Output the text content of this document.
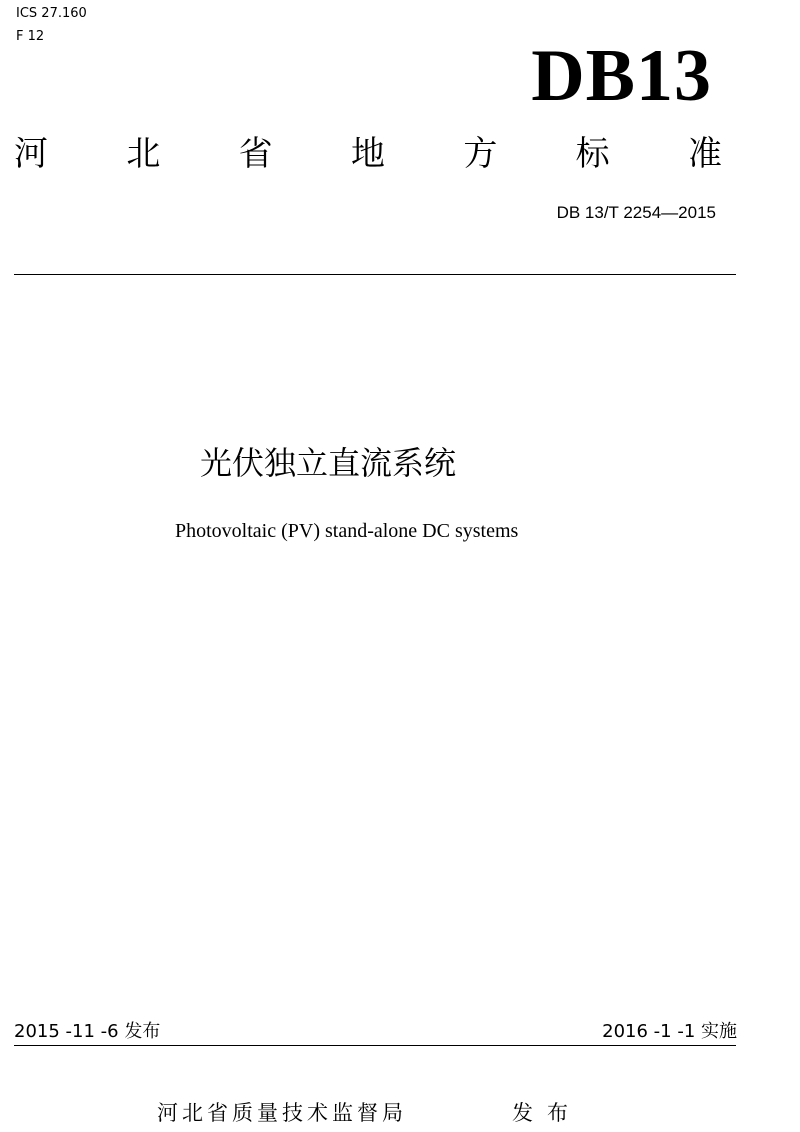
ICS 27.160
F 12	DB13
河 北 省 地 方 标 准
DB 13/T 2254—2015
光伏独立直流系统
Photovoltaic (PV) stand-alone DC systems
2015 -11 -6 发布	2016 -1 -1 实施
河北省质量技术监督局	发布
